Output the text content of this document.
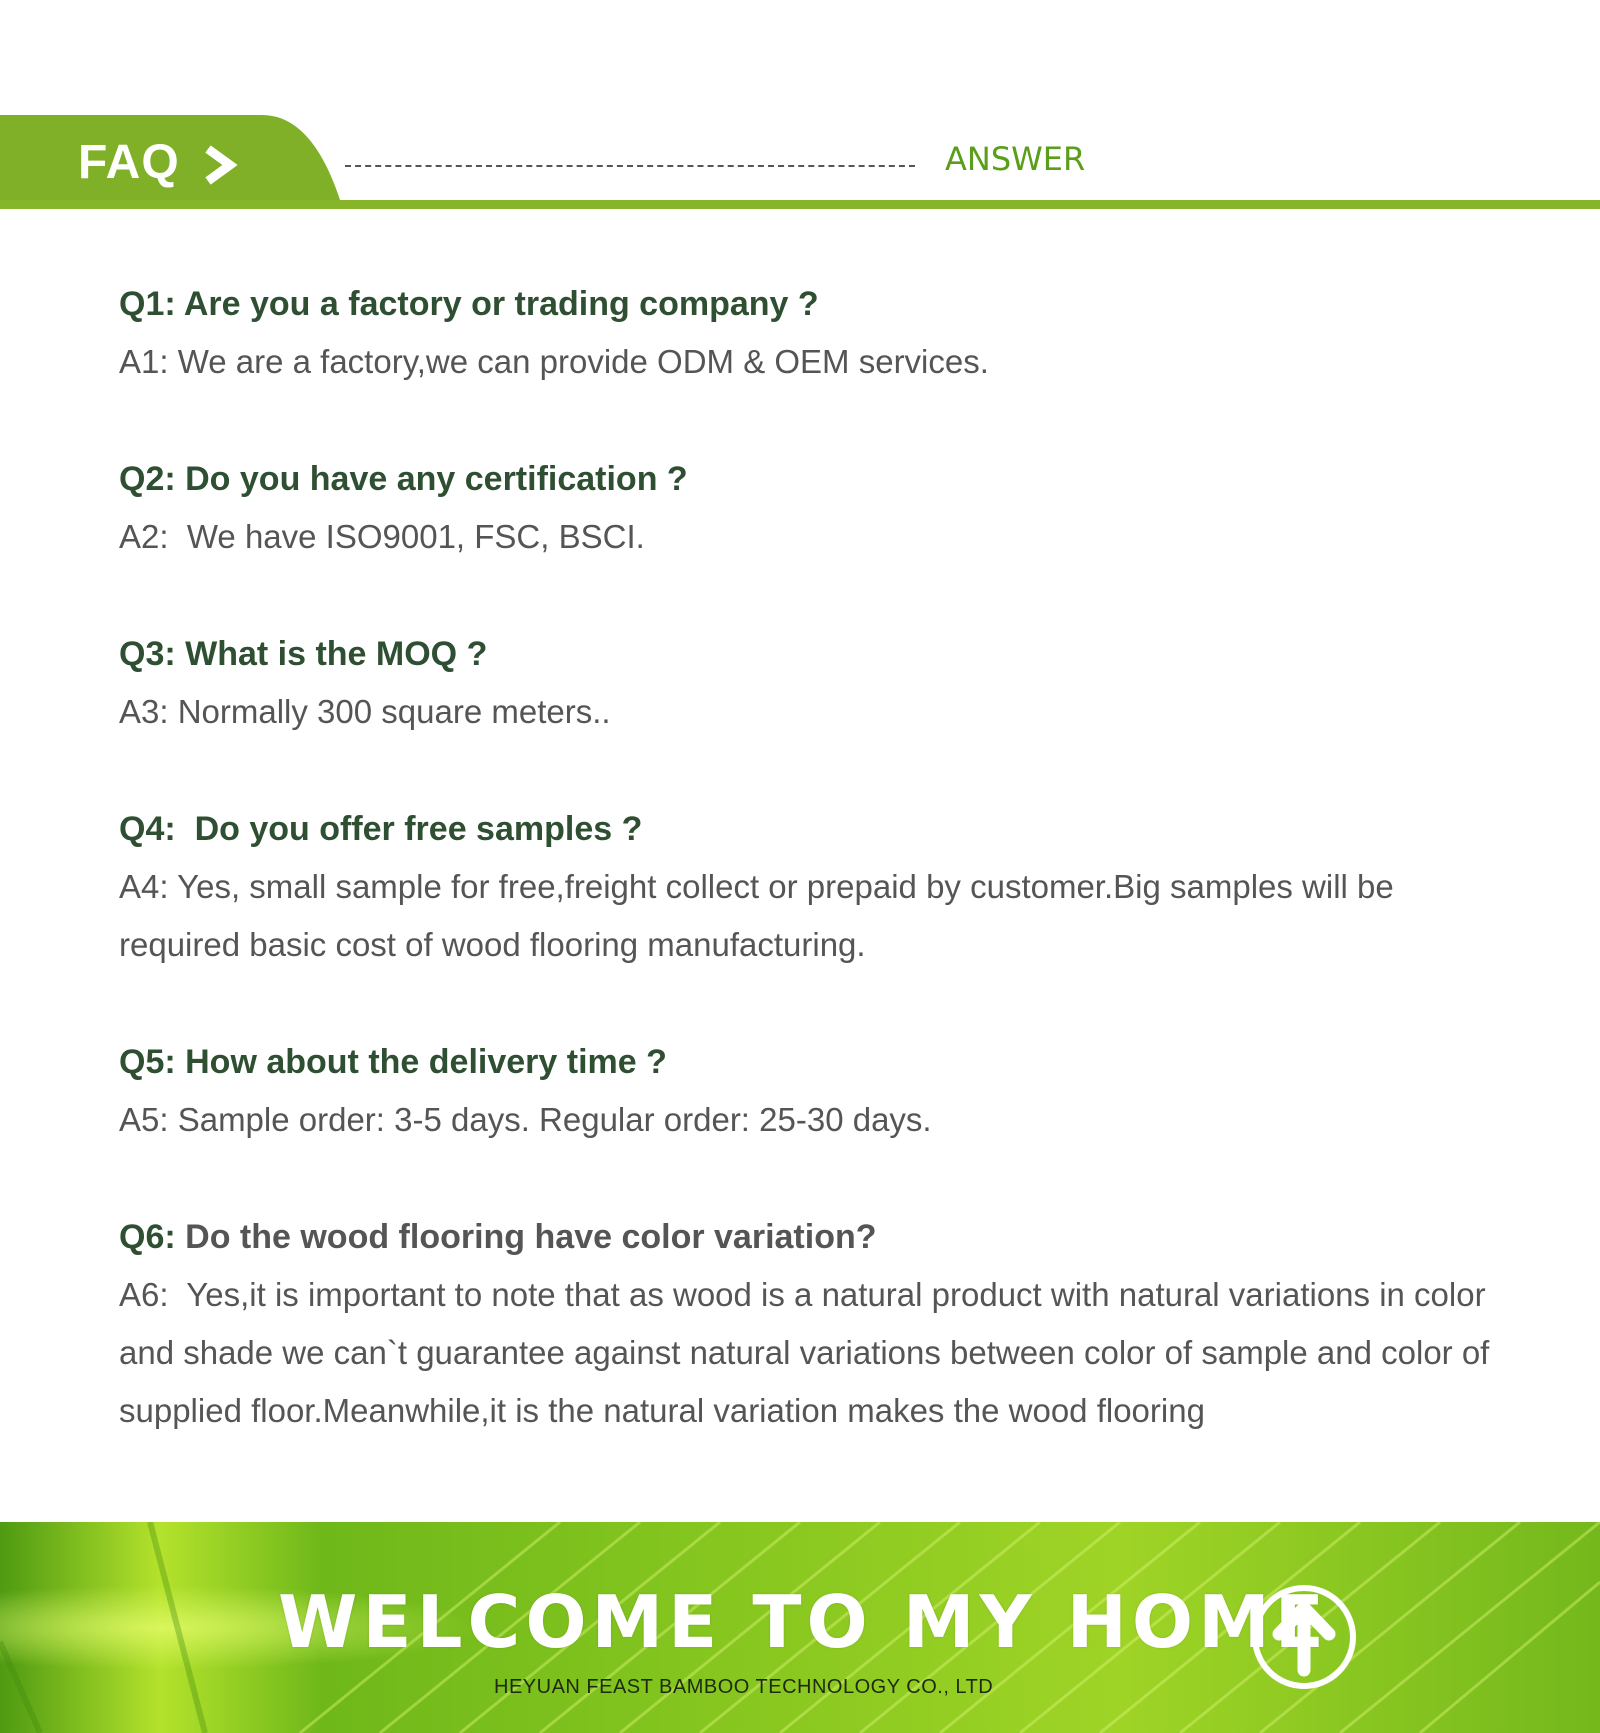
FAQ	ANSWER
Q1: Are you a factory or trading company ?
A1: We are a factory,we can provide ODM & OEM services.
Q2: Do you have any certification ?
A2:  We have ISO9001, FSC, BSCI.
Q3: What is the MOQ ?
A3: Normally 300 square meters..
Q4:  Do you offer free samples ?
A4: Yes, small sample for free,freight collect or prepaid by customer.Big samples will be required basic cost of wood flooring manufacturing.
Q5: How about the delivery time ?
A5: Sample order: 3-5 days. Regular order: 25-30 days.
Q6: Do the wood flooring have color variation?
A6:  Yes,it is important to note that as wood is a natural product with natural variations in color and shade we can`t guarantee against natural variations between color of sample and color of supplied floor.Meanwhile,it is the natural variation makes the wood flooring
WELCOME TO MY HOME
HEYUAN FEAST BAMBOO TECHNOLOGY CO., LTD
